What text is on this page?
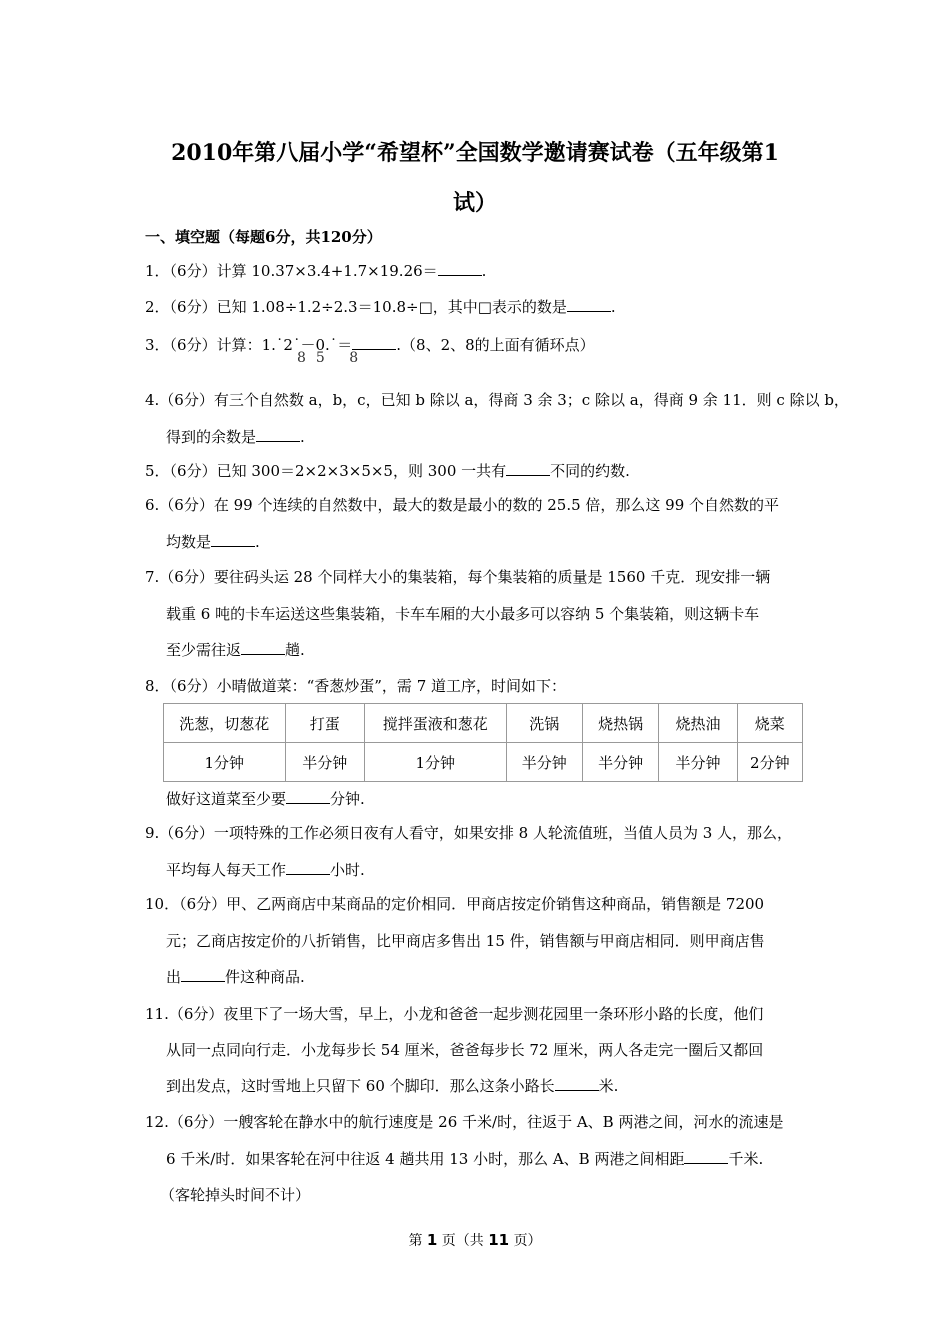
2010年第八届小学“希望杯”全国数学邀请赛试卷（五年级第1
试）
一、填空题（每题6分，共120分）
1．（6分）计算 10.37×3.4+1.7×19.26＝	.
2．（6分）已知 1.08÷1.2÷2.3＝10.8÷□，其中□表示的数是	.
3．（6分）计算：1.˙2˙－0.˙＝	.（8、2、8的上面有循环点）
85 8
4.（6分）有三个自然数 a，b，c，已知 b 除以 a，得商 3 余 3；c 除以 a，得商 9 余 11．则 c 除以 b，
得到的余数是	.
5．（6分）已知 300＝2×2×3×5×5，则 300 一共有	不同的约数.
6.（6分）在 99 个连续的自然数中，最大的数是最小的数的 25.5 倍，那么这 99 个自然数的平
均数是	.
7.（6分）要往码头运 28 个同样大小的集装箱，每个集装箱的质量是 1560 千克．现安排一辆
载重 6 吨的卡车运送这些集装箱，卡车车厢的大小最多可以容纳 5 个集装箱，则这辆卡车
至少需往返	趟.
8．（6分）小晴做道菜：“香葱炒蛋”，需 7 道工序，时间如下：
洗葱，切葱花	打蛋	搅拌蛋液和葱花	洗锅	烧热锅	烧热油	烧菜
1分钟	半分钟	1分钟	半分钟	半分钟	半分钟	2分钟
做好这道菜至少要	分钟.
9.（6分）一项特殊的工作必须日夜有人看守，如果安排 8 人轮流值班，当值人员为 3 人，那么，
平均每人每天工作	小时.
10．（6分）甲、乙两商店中某商品的定价相同．甲商店按定价销售这种商品，销售额是 7200
元；乙商店按定价的八折销售，比甲商店多售出 15 件，销售额与甲商店相同．则甲商店售
出	件这种商品.
11.（6分）夜里下了一场大雪，早上，小龙和爸爸一起步测花园里一条环形小路的长度，他们
从同一点同向行走．小龙每步长 54 厘米，爸爸每步长 72 厘米，两人各走完一圈后又都回
到出发点，这时雪地上只留下 60 个脚印．那么这条小路长	米.
12.（6分）一艘客轮在静水中的航行速度是 26 千米/时，往返于 A、B 两港之间，河水的流速是
6 千米/时．如果客轮在河中往返 4 趟共用 13 小时，那么 A、B 两港之间相距	千米.
（客轮掉头时间不计）
第 1 页（共 11 页）
